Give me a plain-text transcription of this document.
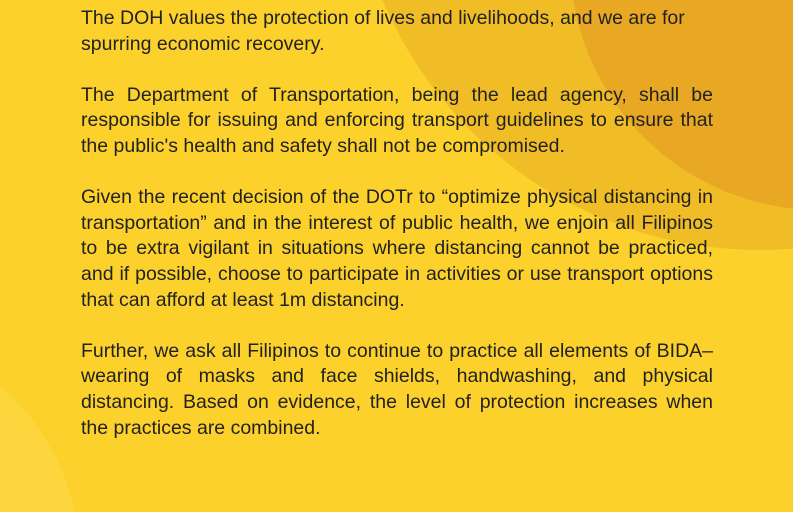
The DOH values the protection of lives and livelihoods, and we are for spurring economic recovery.

The Department of Transportation, being the lead agency, shall be responsible for issuing and enforcing transport guidelines to ensure that the public's health and safety shall not be compromised.

Given the recent decision of the DOTr to “optimize physical distancing in transportation” and in the interest of public health, we enjoin all Filipinos to be extra vigilant in situations where distancing cannot be practiced, and if possible, choose to participate in activities or use transport options that can afford at least 1m distancing.

Further, we ask all Filipinos to continue to practice all elements of BIDA–wearing of masks and face shields, handwashing, and physical distancing. Based on evidence, the level of protection increases when the practices are combined.
